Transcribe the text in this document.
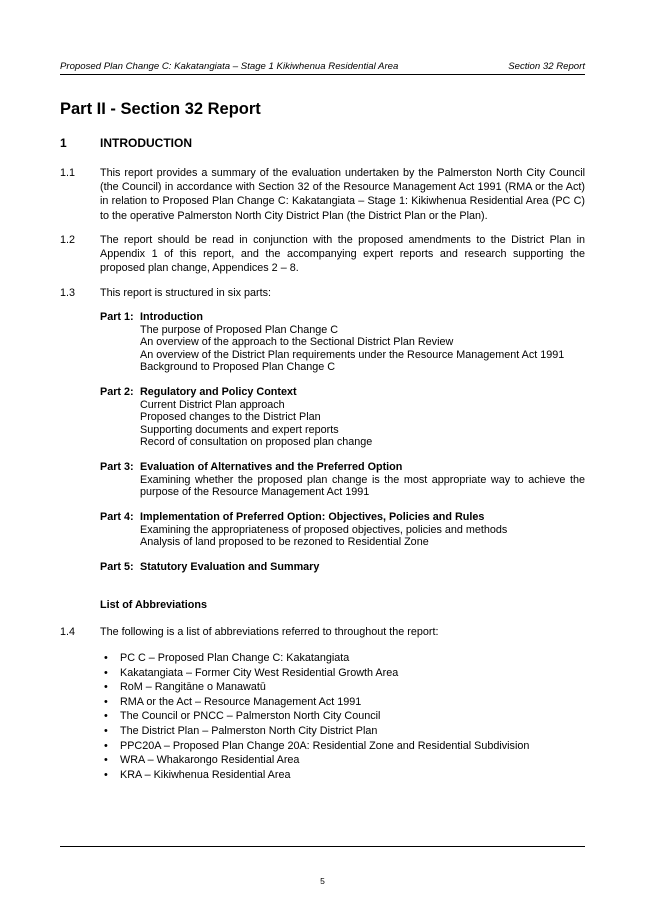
Proposed Plan Change C: Kakatangiata – Stage 1 Kikiwhenua Residential Area	Section 32 Report
Part II - Section 32 Report
1	INTRODUCTION
1.1 This report provides a summary of the evaluation undertaken by the Palmerston North City Council (the Council) in accordance with Section 32 of the Resource Management Act 1991 (RMA or the Act) in relation to Proposed Plan Change C: Kakatangiata – Stage 1: Kikiwhenua Residential Area (PC C) to the operative Palmerston North City District Plan (the District Plan or the Plan).
1.2 The report should be read in conjunction with the proposed amendments to the District Plan in Appendix 1 of this report, and the accompanying expert reports and research supporting the proposed plan change, Appendices 2 – 8.
1.3 This report is structured in six parts:
Part 1: Introduction
The purpose of Proposed Plan Change C
An overview of the approach to the Sectional District Plan Review
An overview of the District Plan requirements under the Resource Management Act 1991
Background to Proposed Plan Change C
Part 2: Regulatory and Policy Context
Current District Plan approach
Proposed changes to the District Plan
Supporting documents and expert reports
Record of consultation on proposed plan change
Part 3: Evaluation of Alternatives and the Preferred Option
Examining whether the proposed plan change is the most appropriate way to achieve the purpose of the Resource Management Act 1991
Part 4: Implementation of Preferred Option: Objectives, Policies and Rules
Examining the appropriateness of proposed objectives, policies and methods
Analysis of land proposed to be rezoned to Residential Zone
Part 5: Statutory Evaluation and Summary
List of Abbreviations
1.4 The following is a list of abbreviations referred to throughout the report:
• PC C – Proposed Plan Change C: Kakatangiata
• Kakatangiata – Former City West Residential Growth Area
• RoM – Rangitāne o Manawatū
• RMA or the Act – Resource Management Act 1991
• The Council or PNCC – Palmerston North City Council
• The District Plan – Palmerston North City District Plan
• PPC20A – Proposed Plan Change 20A: Residential Zone and Residential Subdivision
• WRA – Whakarongo Residential Area
• KRA – Kikiwhenua Residential Area
5
